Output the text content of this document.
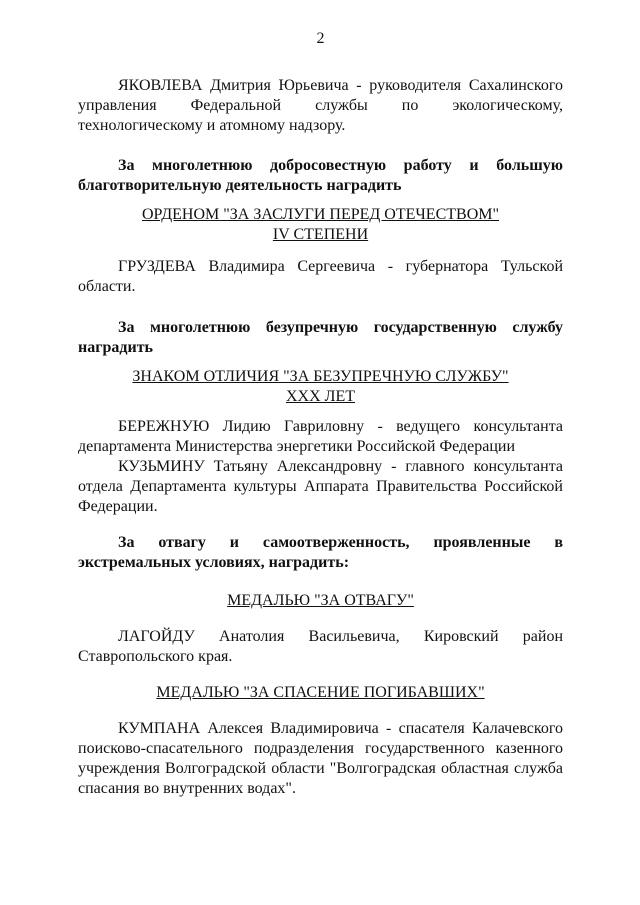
2
ЯКОВЛЕВА Дмитрия Юрьевича - руководителя Сахалинского управления Федеральной службы по экологическому, технологическому и атомному надзору.
За многолетнюю добросовестную работу и большую благотворительную деятельность наградить
ОРДЕНОМ "ЗА ЗАСЛУГИ ПЕРЕД ОТЕЧЕСТВОМ"
IV СТЕПЕНИ
ГРУЗДЕВА Владимира Сергеевича - губернатора Тульской области.
За многолетнюю безупречную государственную службу наградить
ЗНАКОМ ОТЛИЧИЯ "ЗА БЕЗУПРЕЧНУЮ СЛУЖБУ"
XXX ЛЕТ
БЕРЕЖНУЮ Лидию Гавриловну - ведущего консультанта департамента Министерства энергетики Российской Федерации
КУЗЬМИНУ Татьяну Александровну - главного консультанта отдела Департамента культуры Аппарата Правительства Российской Федерации.
За отвагу и самоотверженность, проявленные в экстремальных условиях, наградить:
МЕДАЛЬЮ "ЗА ОТВАГУ"
ЛАГОЙДУ Анатолия Васильевича, Кировский район Ставропольского края.
МЕДАЛЬЮ "ЗА СПАСЕНИЕ ПОГИБАВШИХ"
КУМПАНА Алексея Владимировича - спасателя Калачевского поисково-спасательного подразделения государственного казенного учреждения Волгоградской области "Волгоградская областная служба спасания во внутренних водах".
